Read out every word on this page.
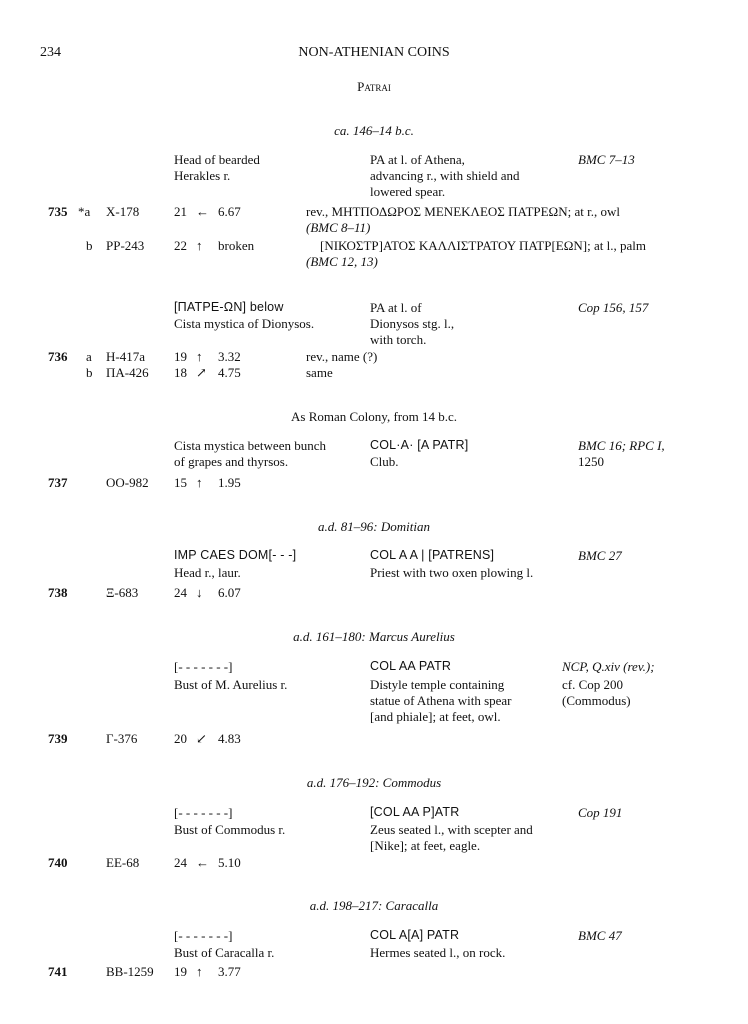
234	NON-ATHENIAN COINS
Patrai
ca. 146–14 b.c.
Head of bearded
Herakles r.
ΡΑ at l. of Athena,
advancing r., with shield and
lowered spear.
BMC 7–13
735 *a X-178	21 ← 6.67	rev., ΜΗΤΠΟΔΩΡΟΣ ΜΕΝΕΚΛΕΟΣ ΠΑΤΡΕΩΝ; at r., owl
(BMC 8–11)
b PP-243 22 ↑ broken	[ΝΙΚΟΣΤΡ]ΑΤΟΣ ΚΑΛΛΙΣΤΡΑΤΟΥ ΠΑΤΡ[ΕΩΝ]; at l., palm
(BMC 12, 13)
[ΠΑΤΡΕ-ΩΝ] below
Cista mystica of Dionysos.
ΡΑ at l. of
Dionysos stg. l.,
with torch.
Cop 156, 157
736 a H-417a 19 ↑ 3.32	rev., name (?)
b ΠΑ-426 18 ↗ 4.75	same
As Roman Colony, from 14 b.c.
Cista mystica between bunch
of grapes and thyrsos.
COL·A· [A PATR]
Club.
BMC 16; RPC I,
1250
737	OO-982 15 ↑ 1.95
a.d. 81–96: Domitian
IMP CAES DOM[- - -]
Head r., laur.
COL A A | [PATRENS]
Priest with two oxen plowing l.
BMC 27
738	Ξ-683	24 ↓ 6.07
a.d. 161–180: Marcus Aurelius
[- - - - - - -]
Bust of M. Aurelius r.
COL AA PATR
Distyle temple containing
statue of Athena with spear
[and phiale]; at feet, owl.
NCP, Q.xiv (rev.);
cf. Cop 200
(Commodus)
739	Γ-376	20 ↙ 4.83
a.d. 176–192: Commodus
[- - - - - - -]
Bust of Commodus r.
[COL AA P]ATR
Zeus seated l., with scepter and
[Nike]; at feet, eagle.
Cop 191
740	EE-68	24 ← 5.10
a.d. 198–217: Caracalla
[- - - - - - -]
Bust of Caracalla r.
COL A[A] PATR
Hermes seated l., on rock.
BMC 47
741	BB-1259 19 ↑ 3.77
